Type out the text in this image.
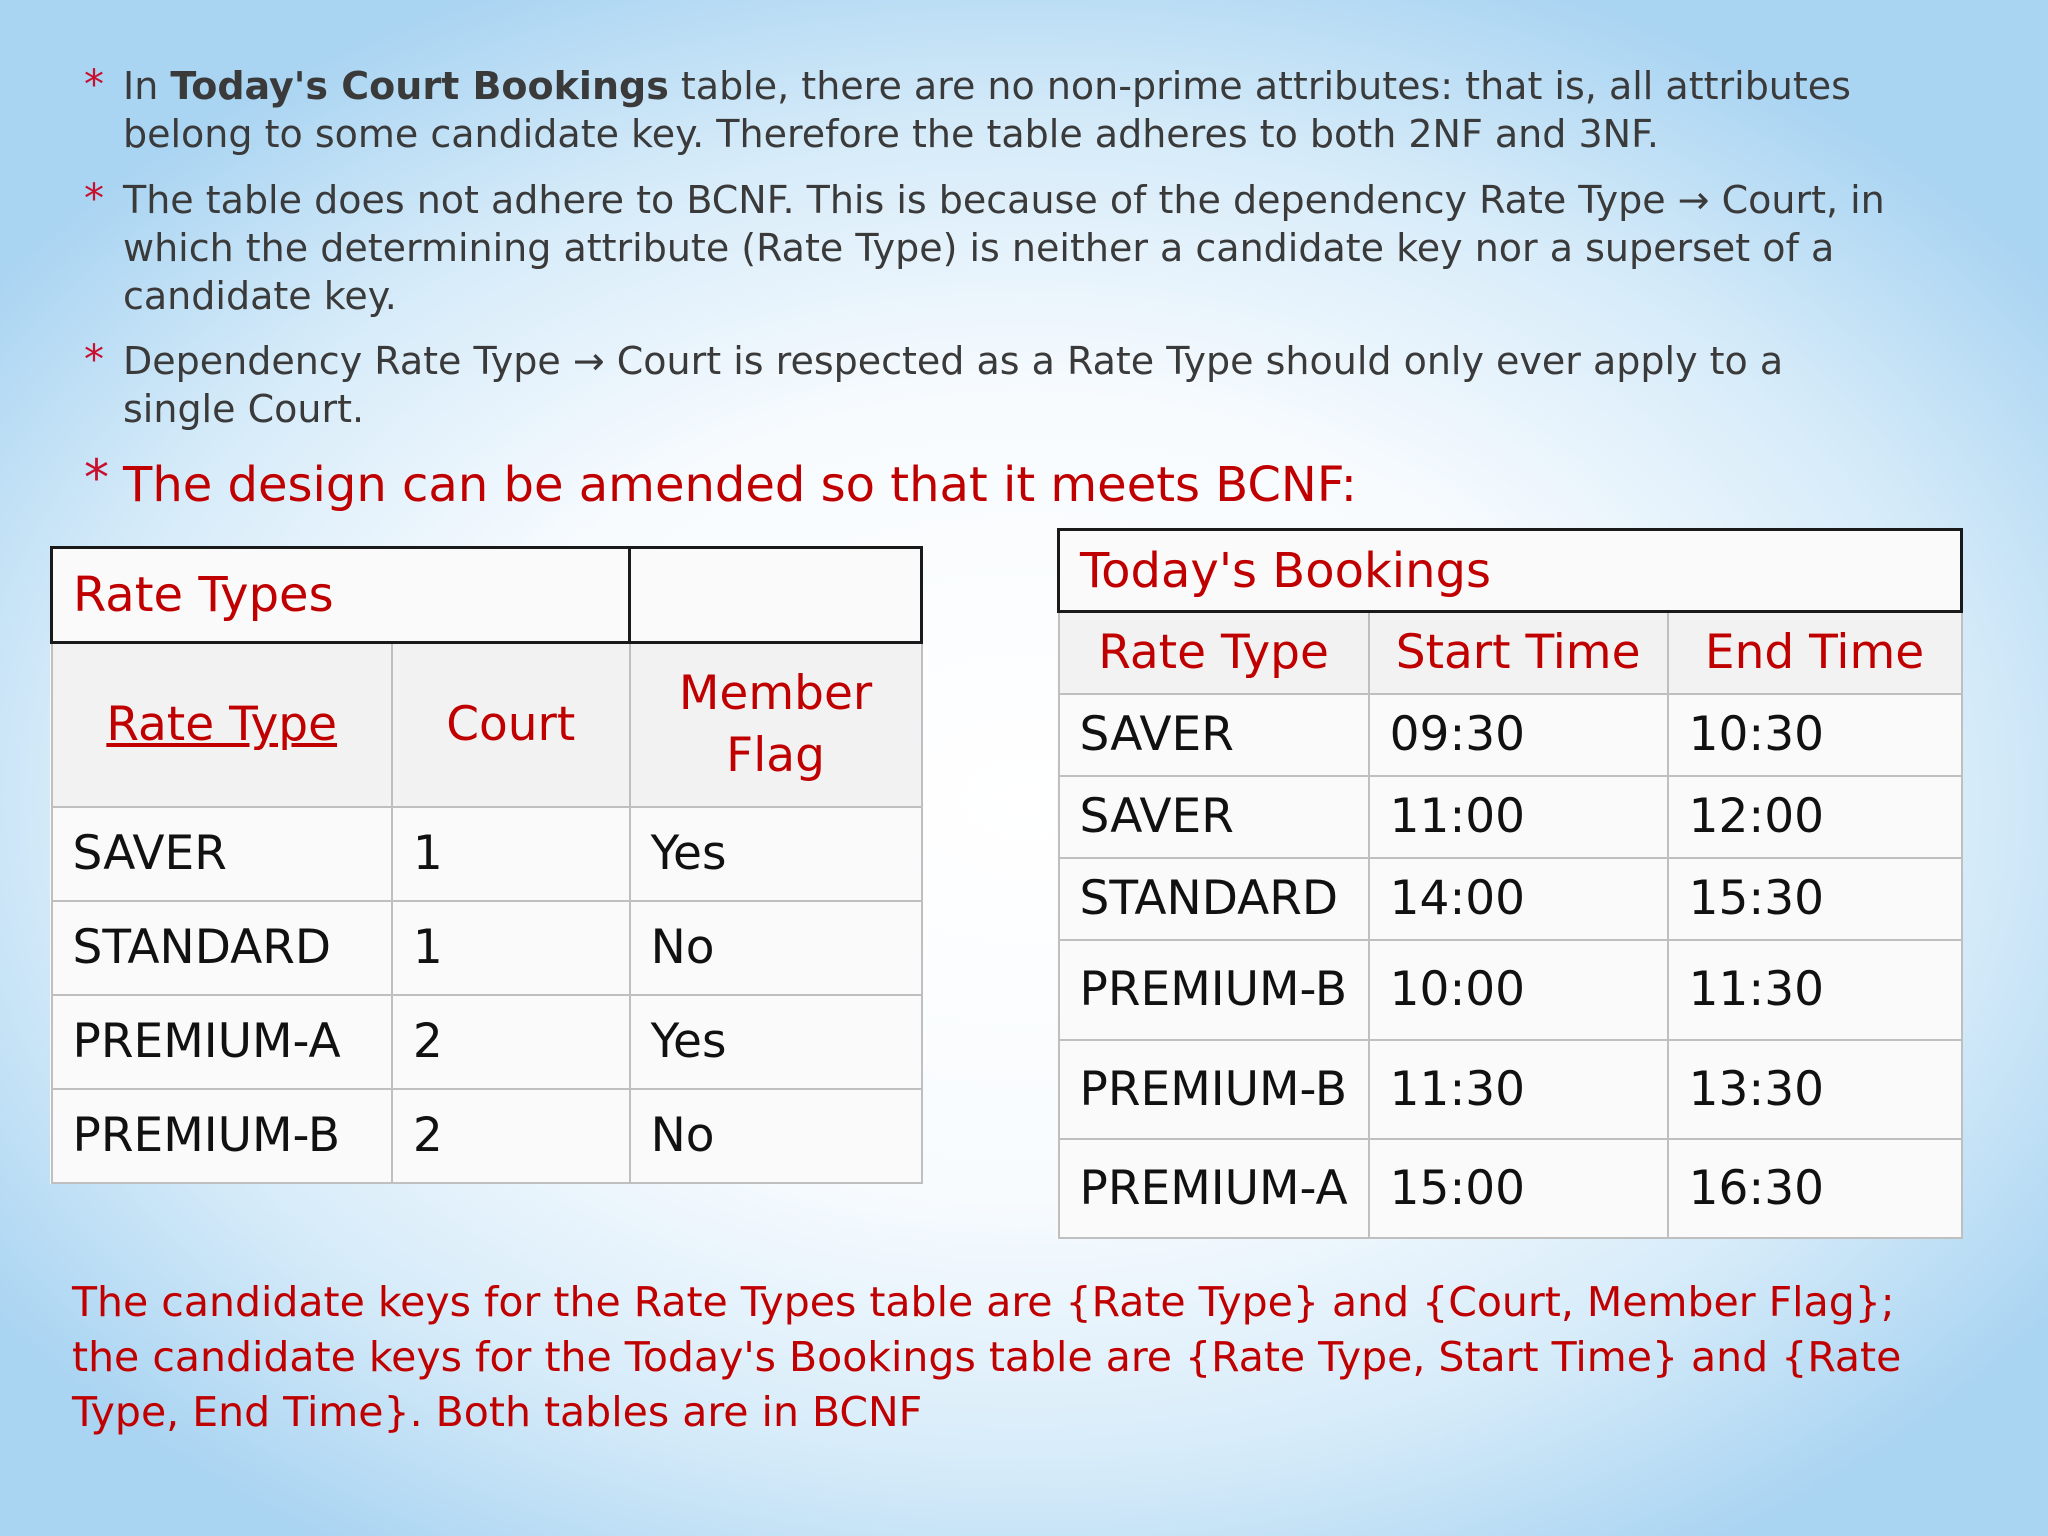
* In Today's Court Bookings table, there are no non-prime attributes: that is, all attributes belong to some candidate key. Therefore the table adheres to both 2NF and 3NF.
* The table does not adhere to BCNF. This is because of the dependency Rate Type → Court, in which the determining attribute (Rate Type) is neither a candidate key nor a superset of a candidate key.
* Dependency Rate Type → Court is respected as a Rate Type should only ever apply to a single Court.
* The design can be amended so that it meets BCNF:
Rate Types		
Rate Type	Court	Member Flag
SAVER	1	Yes
STANDARD	1	No
PREMIUM-A	2	Yes
PREMIUM-B	2	No
Today's Bookings		
Rate Type	Start Time	End Time
SAVER	09:30	10:30
SAVER	11:00	12:00
STANDARD	14:00	15:30
PREMIUM-B	10:00	11:30
PREMIUM-B	11:30	13:30
PREMIUM-A	15:00	16:30
The candidate keys for the Rate Types table are {Rate Type} and {Court, Member Flag}; the candidate keys for the Today's Bookings table are {Rate Type, Start Time} and {Rate Type, End Time}. Both tables are in BCNF
